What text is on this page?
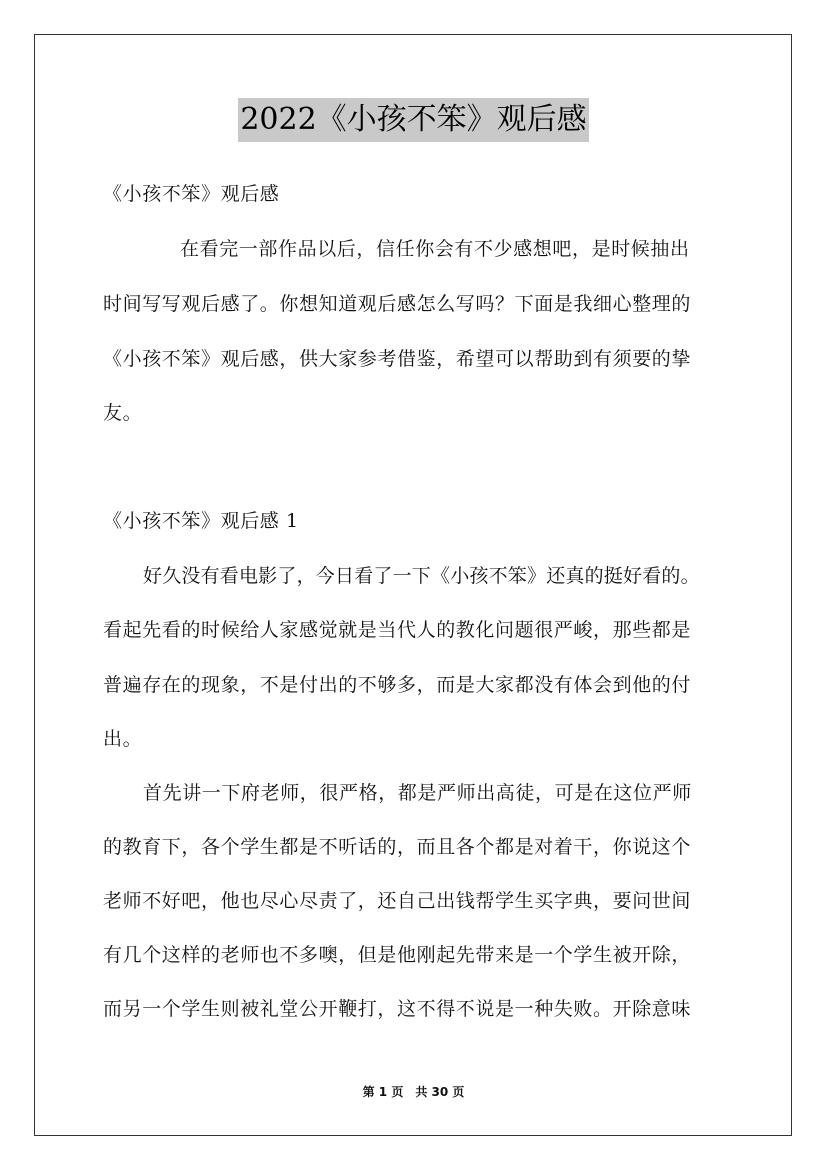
2022《小孩不笨》观后感
《小孩不笨》观后感
在看完一部作品以后，信任你会有不少感想吧，是时候抽出
时间写写观后感了。你想知道观后感怎么写吗？下面是我细心整理的
《小孩不笨》观后感，供大家参考借鉴，希望可以帮助到有须要的挚
友。
《小孩不笨》观后感 1
好久没有看电影了，今日看了一下《小孩不笨》还真的挺好看的。
看起先看的时候给人家感觉就是当代人的教化问题很严峻，那些都是
普遍存在的现象，不是付出的不够多，而是大家都没有体会到他的付
出。
首先讲一下府老师，很严格，都是严师出高徒，可是在这位严师
的教育下，各个学生都是不听话的，而且各个都是对着干，你说这个
老师不好吧，他也尽心尽责了，还自己出钱帮学生买字典，要问世间
有几个这样的老师也不多噢，但是他刚起先带来是一个学生被开除，
而另一个学生则被礼堂公开鞭打，这不得不说是一种失败。开除意味
第 1 页　共 30 页
